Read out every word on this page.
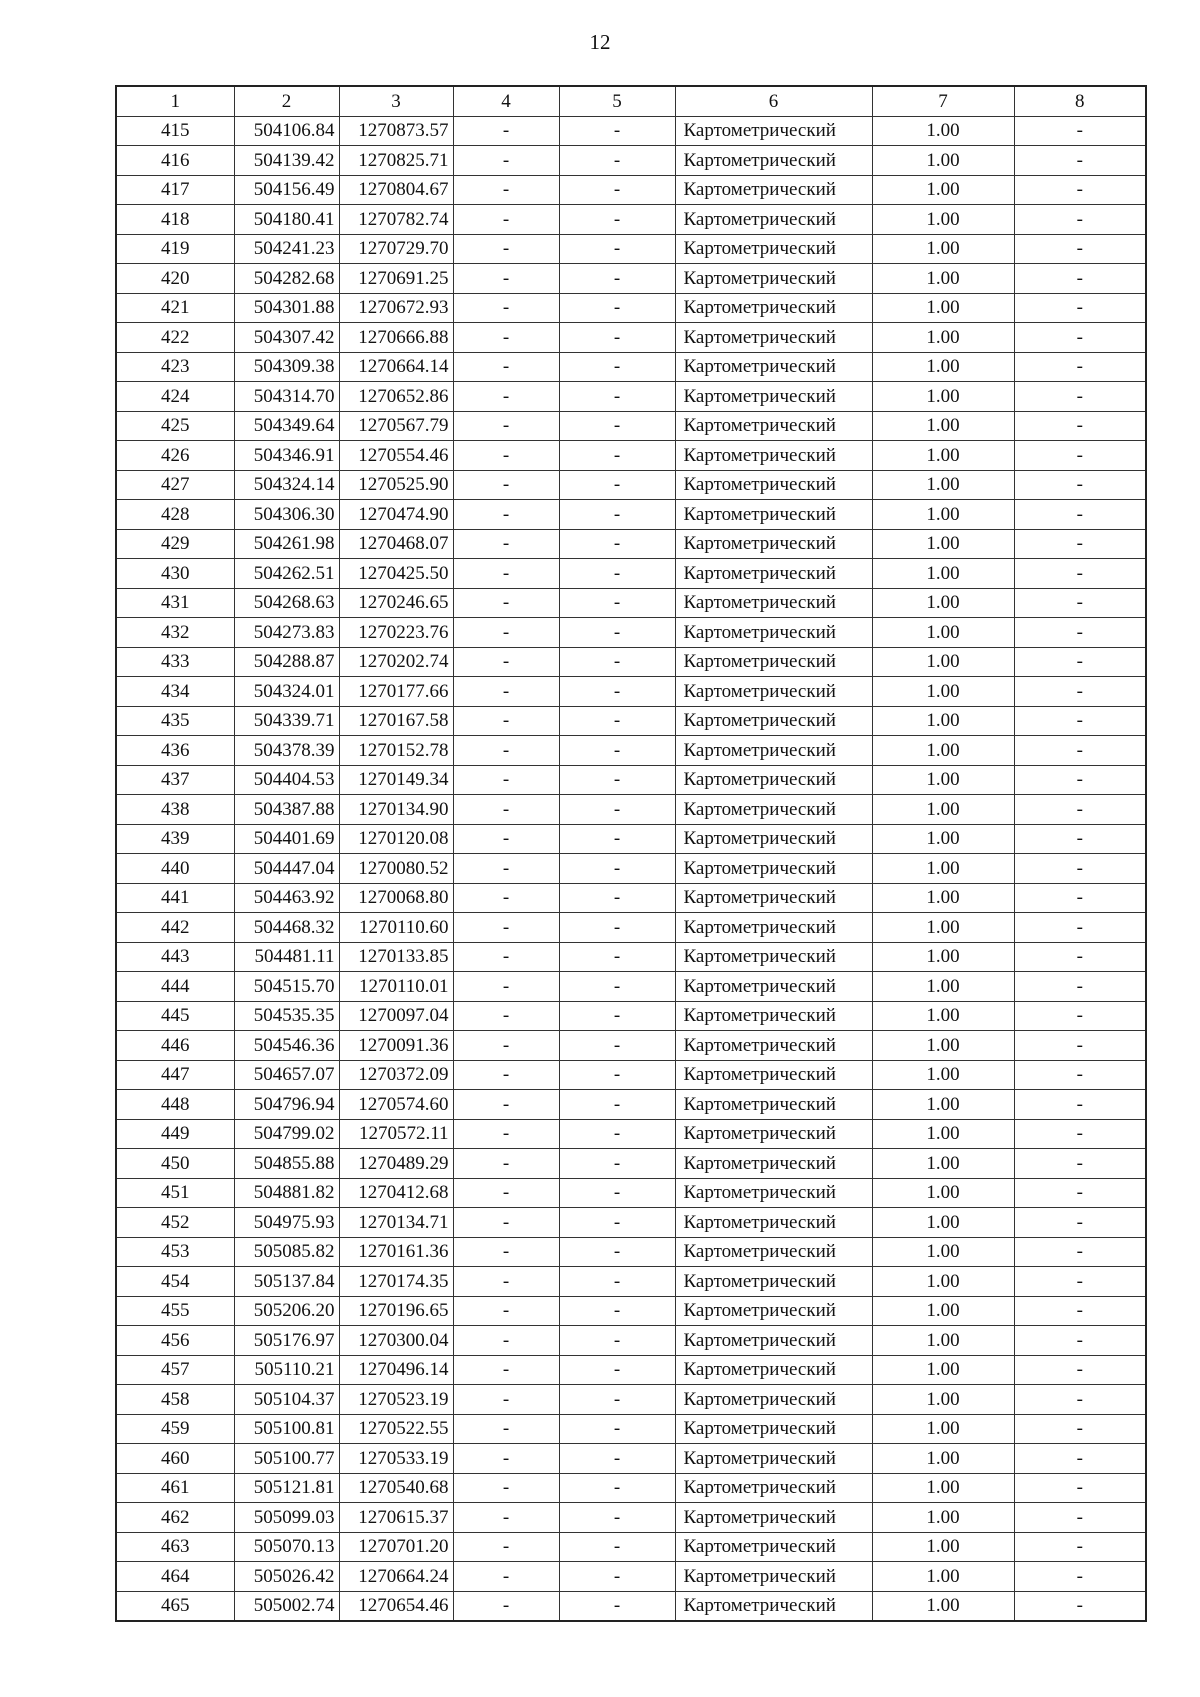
12
1	2	3	4	5	6	7	8
415	504106.84	1270873.57	-	-	Картометрический	1.00	-
416	504139.42	1270825.71	-	-	Картометрический	1.00	-
417	504156.49	1270804.67	-	-	Картометрический	1.00	-
418	504180.41	1270782.74	-	-	Картометрический	1.00	-
419	504241.23	1270729.70	-	-	Картометрический	1.00	-
420	504282.68	1270691.25	-	-	Картометрический	1.00	-
421	504301.88	1270672.93	-	-	Картометрический	1.00	-
422	504307.42	1270666.88	-	-	Картометрический	1.00	-
423	504309.38	1270664.14	-	-	Картометрический	1.00	-
424	504314.70	1270652.86	-	-	Картометрический	1.00	-
425	504349.64	1270567.79	-	-	Картометрический	1.00	-
426	504346.91	1270554.46	-	-	Картометрический	1.00	-
427	504324.14	1270525.90	-	-	Картометрический	1.00	-
428	504306.30	1270474.90	-	-	Картометрический	1.00	-
429	504261.98	1270468.07	-	-	Картометрический	1.00	-
430	504262.51	1270425.50	-	-	Картометрический	1.00	-
431	504268.63	1270246.65	-	-	Картометрический	1.00	-
432	504273.83	1270223.76	-	-	Картометрический	1.00	-
433	504288.87	1270202.74	-	-	Картометрический	1.00	-
434	504324.01	1270177.66	-	-	Картометрический	1.00	-
435	504339.71	1270167.58	-	-	Картометрический	1.00	-
436	504378.39	1270152.78	-	-	Картометрический	1.00	-
437	504404.53	1270149.34	-	-	Картометрический	1.00	-
438	504387.88	1270134.90	-	-	Картометрический	1.00	-
439	504401.69	1270120.08	-	-	Картометрический	1.00	-
440	504447.04	1270080.52	-	-	Картометрический	1.00	-
441	504463.92	1270068.80	-	-	Картометрический	1.00	-
442	504468.32	1270110.60	-	-	Картометрический	1.00	-
443	504481.11	1270133.85	-	-	Картометрический	1.00	-
444	504515.70	1270110.01	-	-	Картометрический	1.00	-
445	504535.35	1270097.04	-	-	Картометрический	1.00	-
446	504546.36	1270091.36	-	-	Картометрический	1.00	-
447	504657.07	1270372.09	-	-	Картометрический	1.00	-
448	504796.94	1270574.60	-	-	Картометрический	1.00	-
449	504799.02	1270572.11	-	-	Картометрический	1.00	-
450	504855.88	1270489.29	-	-	Картометрический	1.00	-
451	504881.82	1270412.68	-	-	Картометрический	1.00	-
452	504975.93	1270134.71	-	-	Картометрический	1.00	-
453	505085.82	1270161.36	-	-	Картометрический	1.00	-
454	505137.84	1270174.35	-	-	Картометрический	1.00	-
455	505206.20	1270196.65	-	-	Картометрический	1.00	-
456	505176.97	1270300.04	-	-	Картометрический	1.00	-
457	505110.21	1270496.14	-	-	Картометрический	1.00	-
458	505104.37	1270523.19	-	-	Картометрический	1.00	-
459	505100.81	1270522.55	-	-	Картометрический	1.00	-
460	505100.77	1270533.19	-	-	Картометрический	1.00	-
461	505121.81	1270540.68	-	-	Картометрический	1.00	-
462	505099.03	1270615.37	-	-	Картометрический	1.00	-
463	505070.13	1270701.20	-	-	Картометрический	1.00	-
464	505026.42	1270664.24	-	-	Картометрический	1.00	-
465	505002.74	1270654.46	-	-	Картометрический	1.00	-
